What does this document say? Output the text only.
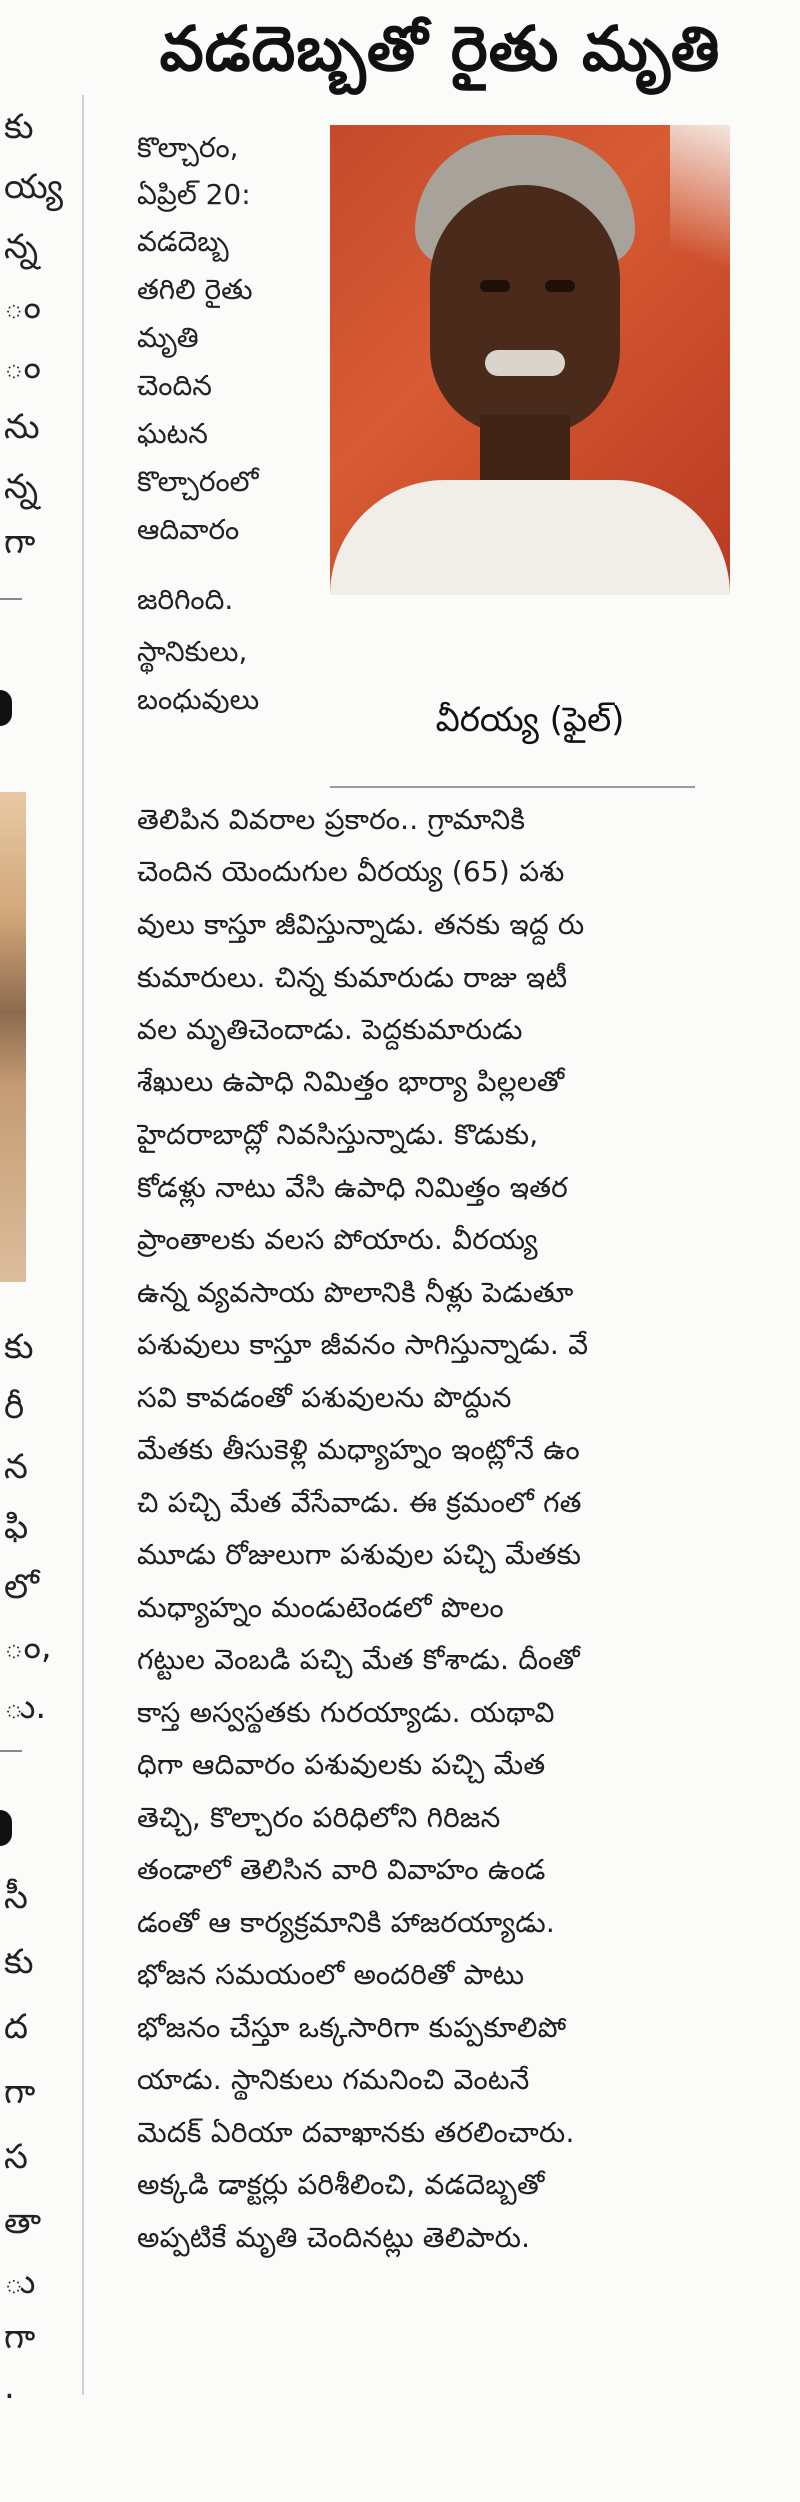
కు
య్య
న్న
ం
ం
ను
న్న
గా
కు
రీ
న
ఫి
లో
ం,
ు.
సీ
కు
ద
గా
స
తా
ు
గా
.
వడదెబ్బతో రైతు మృతి
కొల్చారం,
ఏప్రిల్ 20:
వడదెబ్బ
తగిలి రైతు
మృతి
చెందిన
ఘటన
కొల్చారంలో
ఆదివారం
జరిగింది.
స్థానికులు,
బంధువులు
వీరయ్య (ఫైల్)
తెలిపిన వివరాల ప్రకారం.. గ్రామానికి
చెందిన యెందుగుల వీరయ్య (65) పశు
వులు కాస్తూ జీవిస్తున్నాడు. తనకు ఇద్ద రు
కుమారులు. చిన్న కుమారుడు రాజు ఇటీ
వల మృతిచెందాడు. పెద్దకుమారుడు
శేఖులు ఉపాధి నిమిత్తం భార్యా పిల్లలతో
హైదరాబాద్లో నివసిస్తున్నాడు. కొడుకు,
కోడళ్లు నాటు వేసి ఉపాధి నిమిత్తం ఇతర
ప్రాంతాలకు వలస పోయారు. వీరయ్య
ఉన్న వ్యవసాయ పొలానికి నీళ్లు పెడుతూ
పశువులు కాస్తూ జీవనం సాగిస్తున్నాడు. వే
సవి కావడంతో పశువులను పొద్దున
మేతకు తీసుకెళ్లి మధ్యాహ్నం ఇంట్లోనే ఉం
చి పచ్చి మేత వేసేవాడు. ఈ క్రమంలో గత
మూడు రోజులుగా పశువుల పచ్చి మేతకు
మధ్యాహ్నం మండుటెండలో పొలం
గట్టుల వెంబడి పచ్చి మేత కోశాడు. దీంతో
కాస్త అస్వస్థతకు గురయ్యాడు. యథావి
ధిగా ఆదివారం పశువులకు పచ్చి మేత
తెచ్చి, కొల్చారం పరిధిలోని గిరిజన
తండాలో తెలిసిన వారి వివాహం ఉండ
డంతో ఆ కార్యక్రమానికి హాజరయ్యాడు.
భోజన సమయంలో అందరితో పాటు
భోజనం చేస్తూ ఒక్కసారిగా కుప్పకూలిపో
యాడు. స్థానికులు గమనించి వెంటనే
మెదక్ ఏరియా దవాఖానకు తరలించారు.
అక్కడి డాక్టర్లు పరిశీలించి, వడదెబ్బతో
అప్పటికే మృతి చెందినట్లు తెలిపారు.
